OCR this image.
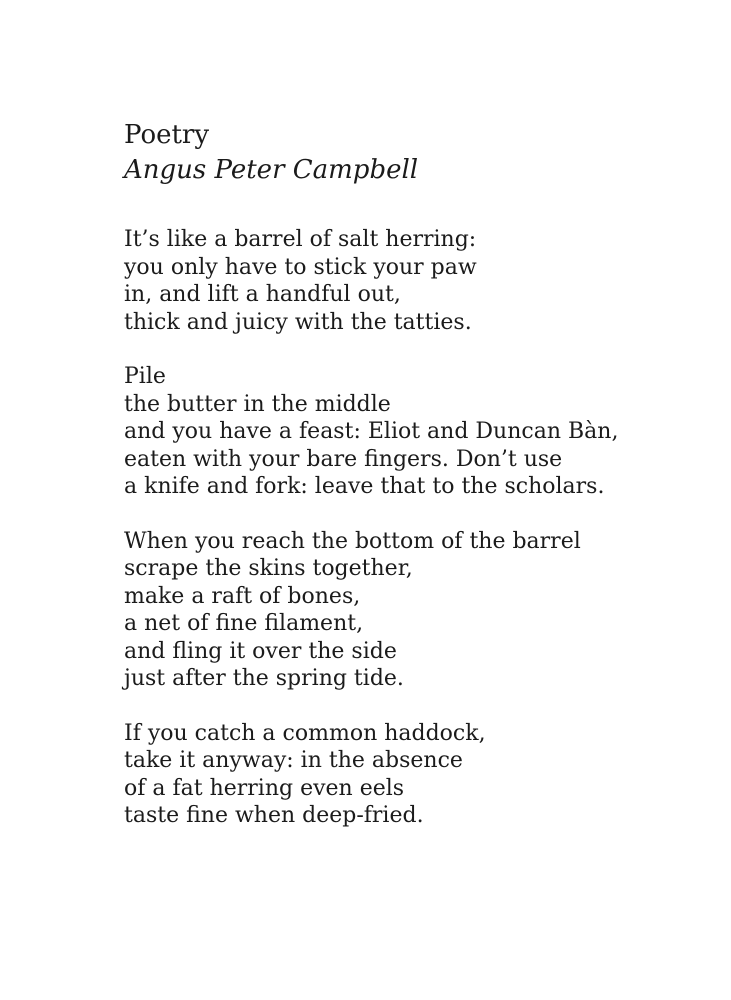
Poetry
Angus Peter Campbell
It’s like a barrel of salt herring:
you only have to stick your paw
in, and lift a handful out,
thick and juicy with the tatties.
Pile
the butter in the middle
and you have a feast: Eliot and Duncan Bàn,
eaten with your bare fingers. Don’t use
a knife and fork: leave that to the scholars.
When you reach the bottom of the barrel
scrape the skins together,
make a raft of bones,
a net of fine filament,
and fling it over the side
just after the spring tide.
If you catch a common haddock,
take it anyway: in the absence
of a fat herring even eels
taste fine when deep-fried.
